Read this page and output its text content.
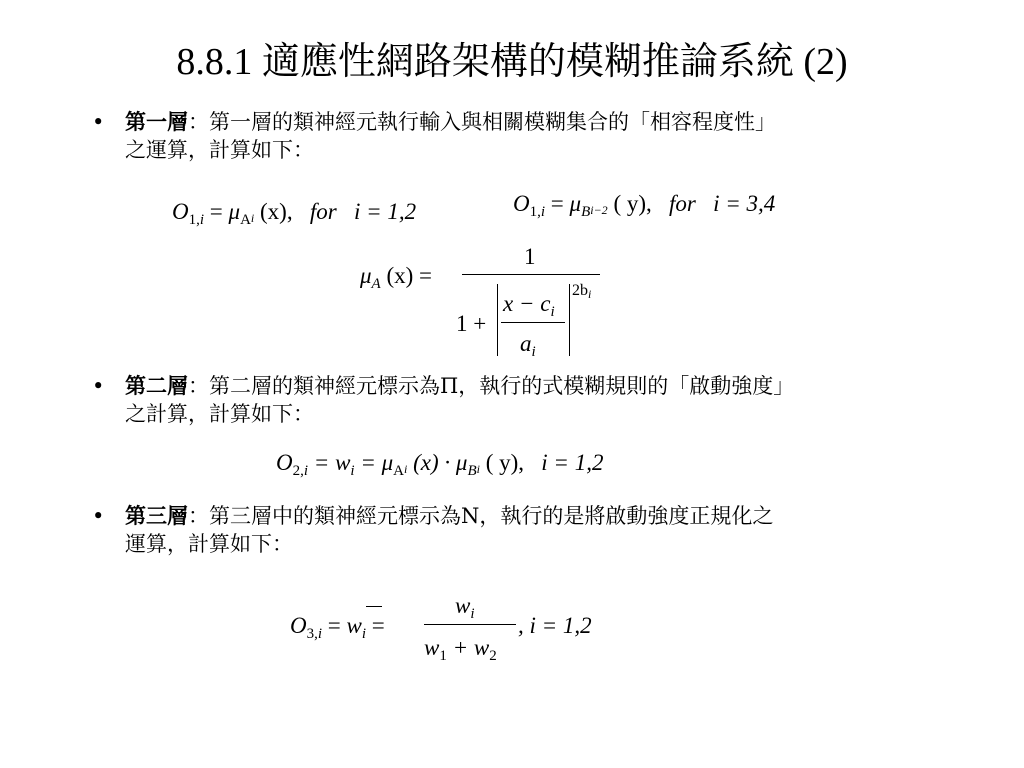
8.8.1 適應性網路架構的模糊推論系統 (2)
• 第一層：第一層的類神經元執行輸入與相關模糊集合的「相容程度性」
之運算，計算如下：
$O_{1,i} = \mu_Ai$ (x), for i = 1,2	$O_{1,i} = \mu_Bi-2$ ( y), for i = 3,4
$\mu_A$ (x) =
1
1 +
$x - c_i$
$a_i$
2bi
• 第二層：第二層的類神經元標示為Π，執行的式模糊規則的「啟動強度」
之計算，計算如下：
$O_{2,i} = w_i = \mu_Ai$ $(x) \cdot \mu_Bi$ ( y), i = 1,2
• 第三層：第三層中的類神經元標示為N，執行的是將啟動強度正規化之
運算，計算如下：
$O_{3,i} = w_i$ =
$w_i$
$w_1 + w_2$
, i = 1,2
